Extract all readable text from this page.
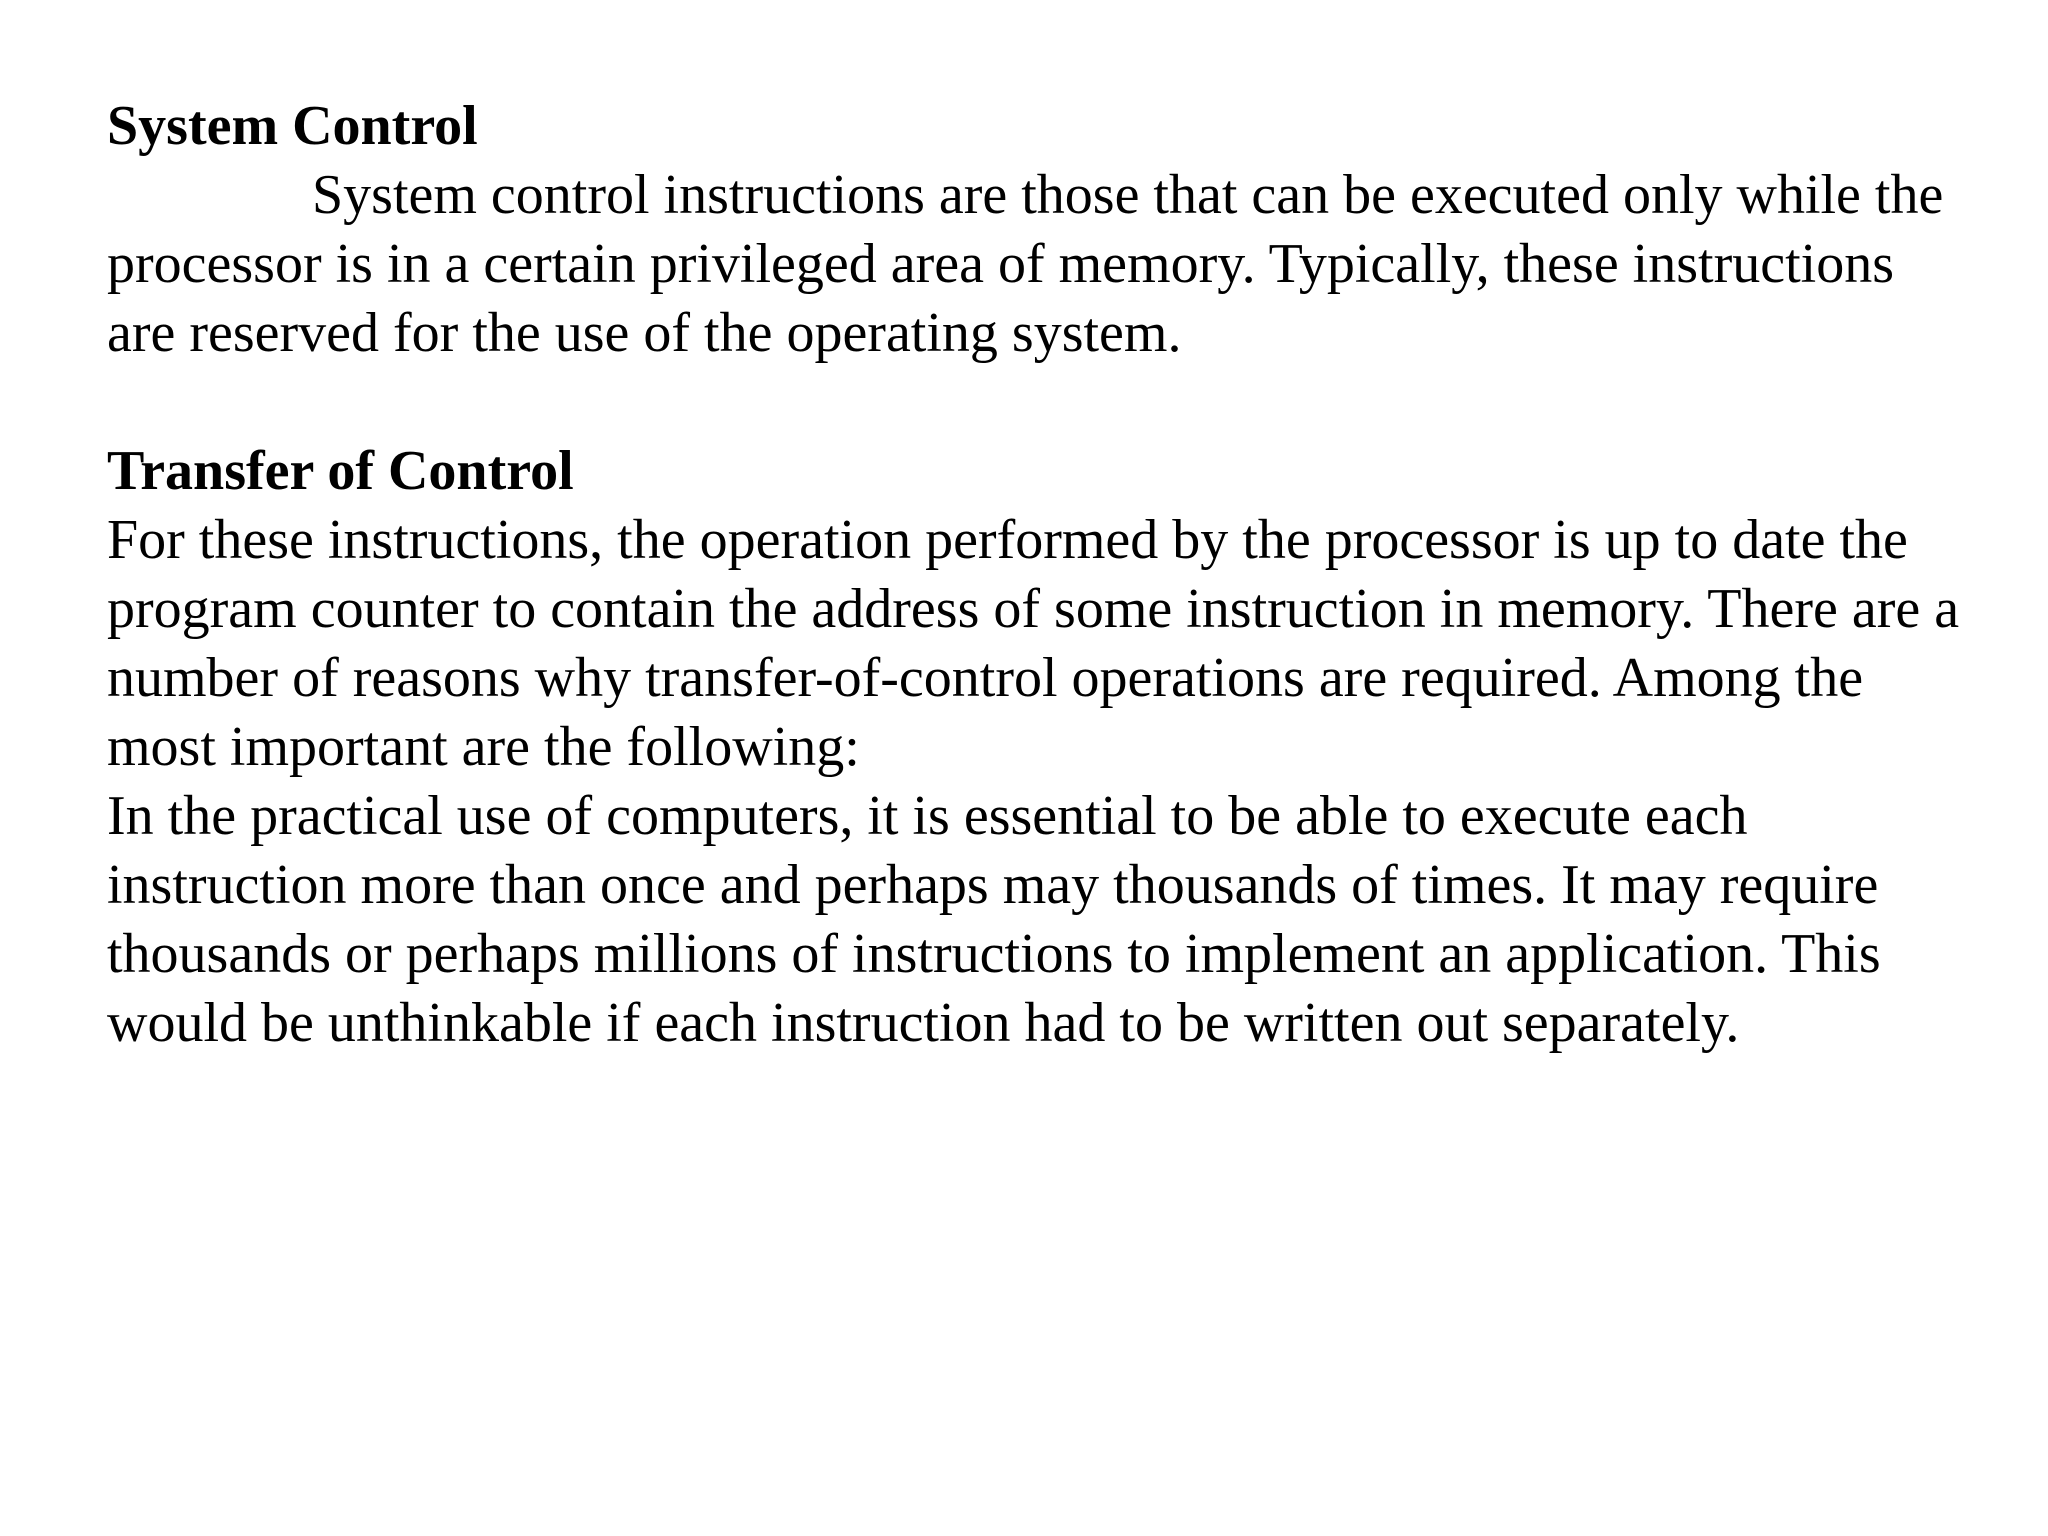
System Control

System control instructions are those that can be executed only while the processor is in a certain privileged area of memory. Typically, these instructions are reserved for the use of the operating system.

Transfer of Control

For these instructions, the operation performed by the processor is up to date the program counter to contain the address of some instruction in memory. There are a number of reasons why transfer-of-control operations are required. Among the most important are the following:

In the practical use of computers, it is essential to be able to execute each instruction more than once and perhaps may thousands of times. It may require thousands or perhaps millions of instructions to implement an application. This would be unthinkable if each instruction had to be written out separately.
